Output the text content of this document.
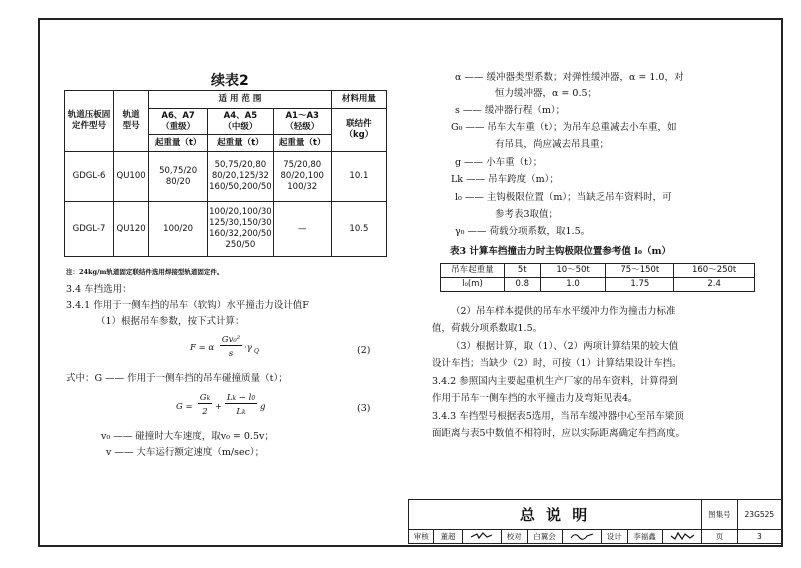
续表2
轨道压板固定件型号	轨道型号	适 用 范 围			材料用量
		A6、A7（重级）	A4、A5（中级）	A1～A3（轻级）	联结件（kg）
		起重量（t）	起重量（t）	起重量（t）	
GDGL-6	QU100	50,75/20 80/20	50,75/20,80 80/20,125/32 160/50,200/50	75/20,80 80/20,100 100/32	10.1
GDGL-7	QU120	100/20	100/20,100/30 125/30,150/30 160/32,200/50 250/50	—	10.5
注：24kg/m轨道固定联结件选用焊接型轨道固定件。
3.4 车挡选用：
3.4.1 作用于一侧车挡的吊车（软钩）水平撞击力设计值F
（1）根据吊车参数，按下式计算：
F = α
Gv₀²
s
·γ Q	(2)
式中：G —— 作用于一侧车挡的吊车碰撞质量（t）；
G =
Gk
2 +
Lk − l0
Lk
g	(3)
v₀ —— 碰撞时大车速度，取v₀ = 0.5v；
v —— 大车运行额定速度（m/sec）；
α —— 缓冲器类型系数；对弹性缓冲器，α = 1.0，对
恒力缓冲器，α = 0.5；
s —— 缓冲器行程（m）；
G₀ —— 吊车大车重（t）；为吊车总重减去小车重，如
有吊具，尚应减去吊具重；
g —— 小车重（t）；
Lk —— 吊车跨度（m）；
l₀ —— 主钩极限位置（m）；当缺乏吊车资料时，可
参考表3取值；
γ₀ —— 荷载分项系数，取1.5。
表3 计算车挡撞击力时主钩极限位置参考值 l₀（m）
吊车起重量	5t	10～50t	75～150t	160～250t
l₀(m)	0.8	1.0	1.75	2.4
（2）吊车样本提供的吊车水平缓冲力作为撞击力标准
值，荷载分项系数取1.5。
（3）根据计算，取（1）、（2）两项计算结果的较大值
设计车挡；当缺少（2）时，可按（1）计算结果设计车挡。
3.4.2 参照国内主要起重机生产厂家的吊车资料，计算得到
作用于吊车一侧车挡的水平撞击力及弯矩见表4。
3.4.3 车挡型号根据表5选用，当吊车缓冲器中心至吊车梁顶
面距离与表5中数值不相符时，应以实际距离确定车挡高度。
总 说 明									图集号	23G525
审核	董超		校对	白翼会		设计	李福鑫		页	3
